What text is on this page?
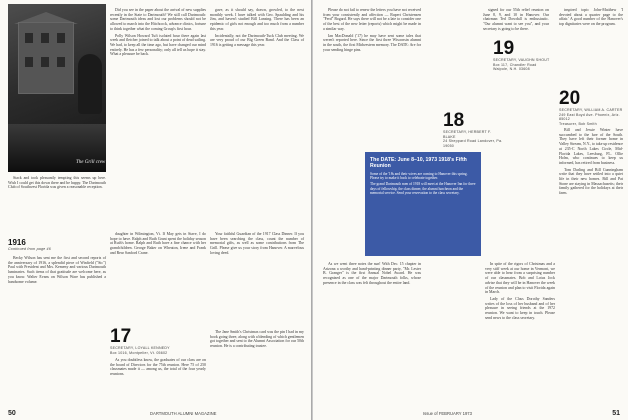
The Grill crew

Stack and took pleasantly tempting this seems up here. Wish I could get this down there and be happy. The Dartmouth Club of Southwest Florida was given a reasonable reception.

1916
Continued from page 46

Becky Wilson has sent me the first and second reports of the anniversary of 1916, a splendid piece of Winfield ("Sic") Paul with President and Mrs. Kemeny and various Dartmouth luminaries. Such items of that gratitude are welcome here, as you know. Walter Evans on Wilson Ware has published a handsome volume.

Did you see in the paper about the arrival of new supplies recently in the State to Dartmouth? We still call Dartmouth: some Dartmouth ideas and lost our problems should not be allowed to march into the Hitchcock, advance clinics, fortune to think together what the coming Group's first hour.

Polly Wilson Howard Tuft isolated hour there again last week and fletcher joined to talk about a point of dead sailing. We had, to keep all the time ago, but have changed our mind entirely. He has a few personality; only all tell us hope it stay. What a pleasure be back.

daughter in Wilmington, Vt. If May gets in Stave, I do hope to have. Ralph and Ruth Grant spent the holiday season at Ruth's home. Ralph and Ruth have a fine chance with her grandchildren. George Baker on Wheaton, Irene and Frank and Rear Sanford Crane.

17
SECRETARY, LOYALL KENNEDY
Box 1016, Montpelier, Vt. 05602

As you doubtless know, the graduates of our class are on the board of Directors for the 75th reunion. Here 75 of 250 classmates made it — among us, the total of the four yearly reunions.

gave, as it should say, drawn, growled, to the next monthly week. I have talked with Geo. Spaulding and his Jim, and haven't studied Bill Lansing. There has been an epidemic of girls not enough and too much from a number this year.

Incidentally, not the Dartmouth-Tuck Club meeting. We are very proud of our Big Green Band. And the Class of 1916 is getting a message this year.

Your faithful Guardian of the 1917 Class Dinner. If you have been searching the class, count the number of memorial gifts, as well as some contributions from The Grill. Please give us your story from Hanover. A marvelous loving deed.

The Jane Smith's Christmas card was the pin I had in my book going three, along with a blending of which gentlemen got together and sent to the Alumni Association for our 50th reunion. He is a contributing trustee.

50	DARTMOUTH ALUMNI MAGAZINE

Please do not fail to renew the letters you have not received from your consistently and affection — Rupert Christensen "Ferd" Bogard. He says there will not be a late to consider one of the best of the new letter (reports) which might be made in a similar way.

Ian MacDonald ('17) he may have sent some tales that weren't reported here. Since the first three Wisconsin alumni in the south, the first Midwestern memory. The DATE: Are for your sending hinge pins.

The DATE: June 8–10, 1973 1918's Fifth Reunion

Some of the '18s and their wives are coming to Hanover this spring. Please try to make it back to celebrate together.

The grand Dartmouth men of 1918 will meet at the Hanover Inn for three days of fellowship, the class dinner, the alumni luncheon and the memorial service. Send your reservation to the class secretary.

As we went three notes the sun! With Dec. 15 chapter in Arizona a worthy and hand-printing dinner party, "Mr. Lester B. Granger" is the first Annual Nobel Award. He was recognized as one of the major Dartmouth folks, whose presence in the class was felt throughout the entire land.

signed for our 55th relief reunion on June 8, 9, and 10 in Hanover. Our chairman Ted Dowdall is enthusiastic. "Our alumni want to see you", and your secretary is going to be there.

19
SECRETARY, VAUGHN SHOUT
Box 117, Chandler Road Walpole, N.H. 03608
18
SECRETARY, HERBERT F. BLAKE
24 Sheppard Road Landover, Pa. 19050

In spite of the rigors of Christmas and a very stiff week at our home in Vermont, we were able to hear from a surprising number of our classmates. Bob and Lotus Jock advise that they will be in Hanover the week of the reunion and plan to visit Florida again in March.

Lady of the Class Dorothy Sanders writes of the loss of her husband and of her pleasure in seeing friends at the 1972 reunion. We want to keep in touch. Please send news to the class secretary.

inspired topic John-Matthew 'I devoted about a quarter page to the affair.' A good number of the Hanover's top dignitaries were on the program.

20
SECRETARY, WILLIAM A. CARTER
249 East Boyd Ave. Phoenix, Ariz. 85012
Treasurer, Bob Smith

Bill and Jessie Winter have succumbed to the lure of the South. They have left their former home in Valley Stream, N.Y., to take up residence at 235-C North Lakes Circle, Mid-Florida Lakes, Leesburg, FL. Ollie Holm, who continues to keep us informed, has retired from business.

Tom Darling and Bill Cunningham write that they have settled into a quiet life in their new homes. Bill and Pat Stone are staying in Massachusetts; their family gathered for the holidays at their farm.

Issue of FEBRUARY 1973	51
